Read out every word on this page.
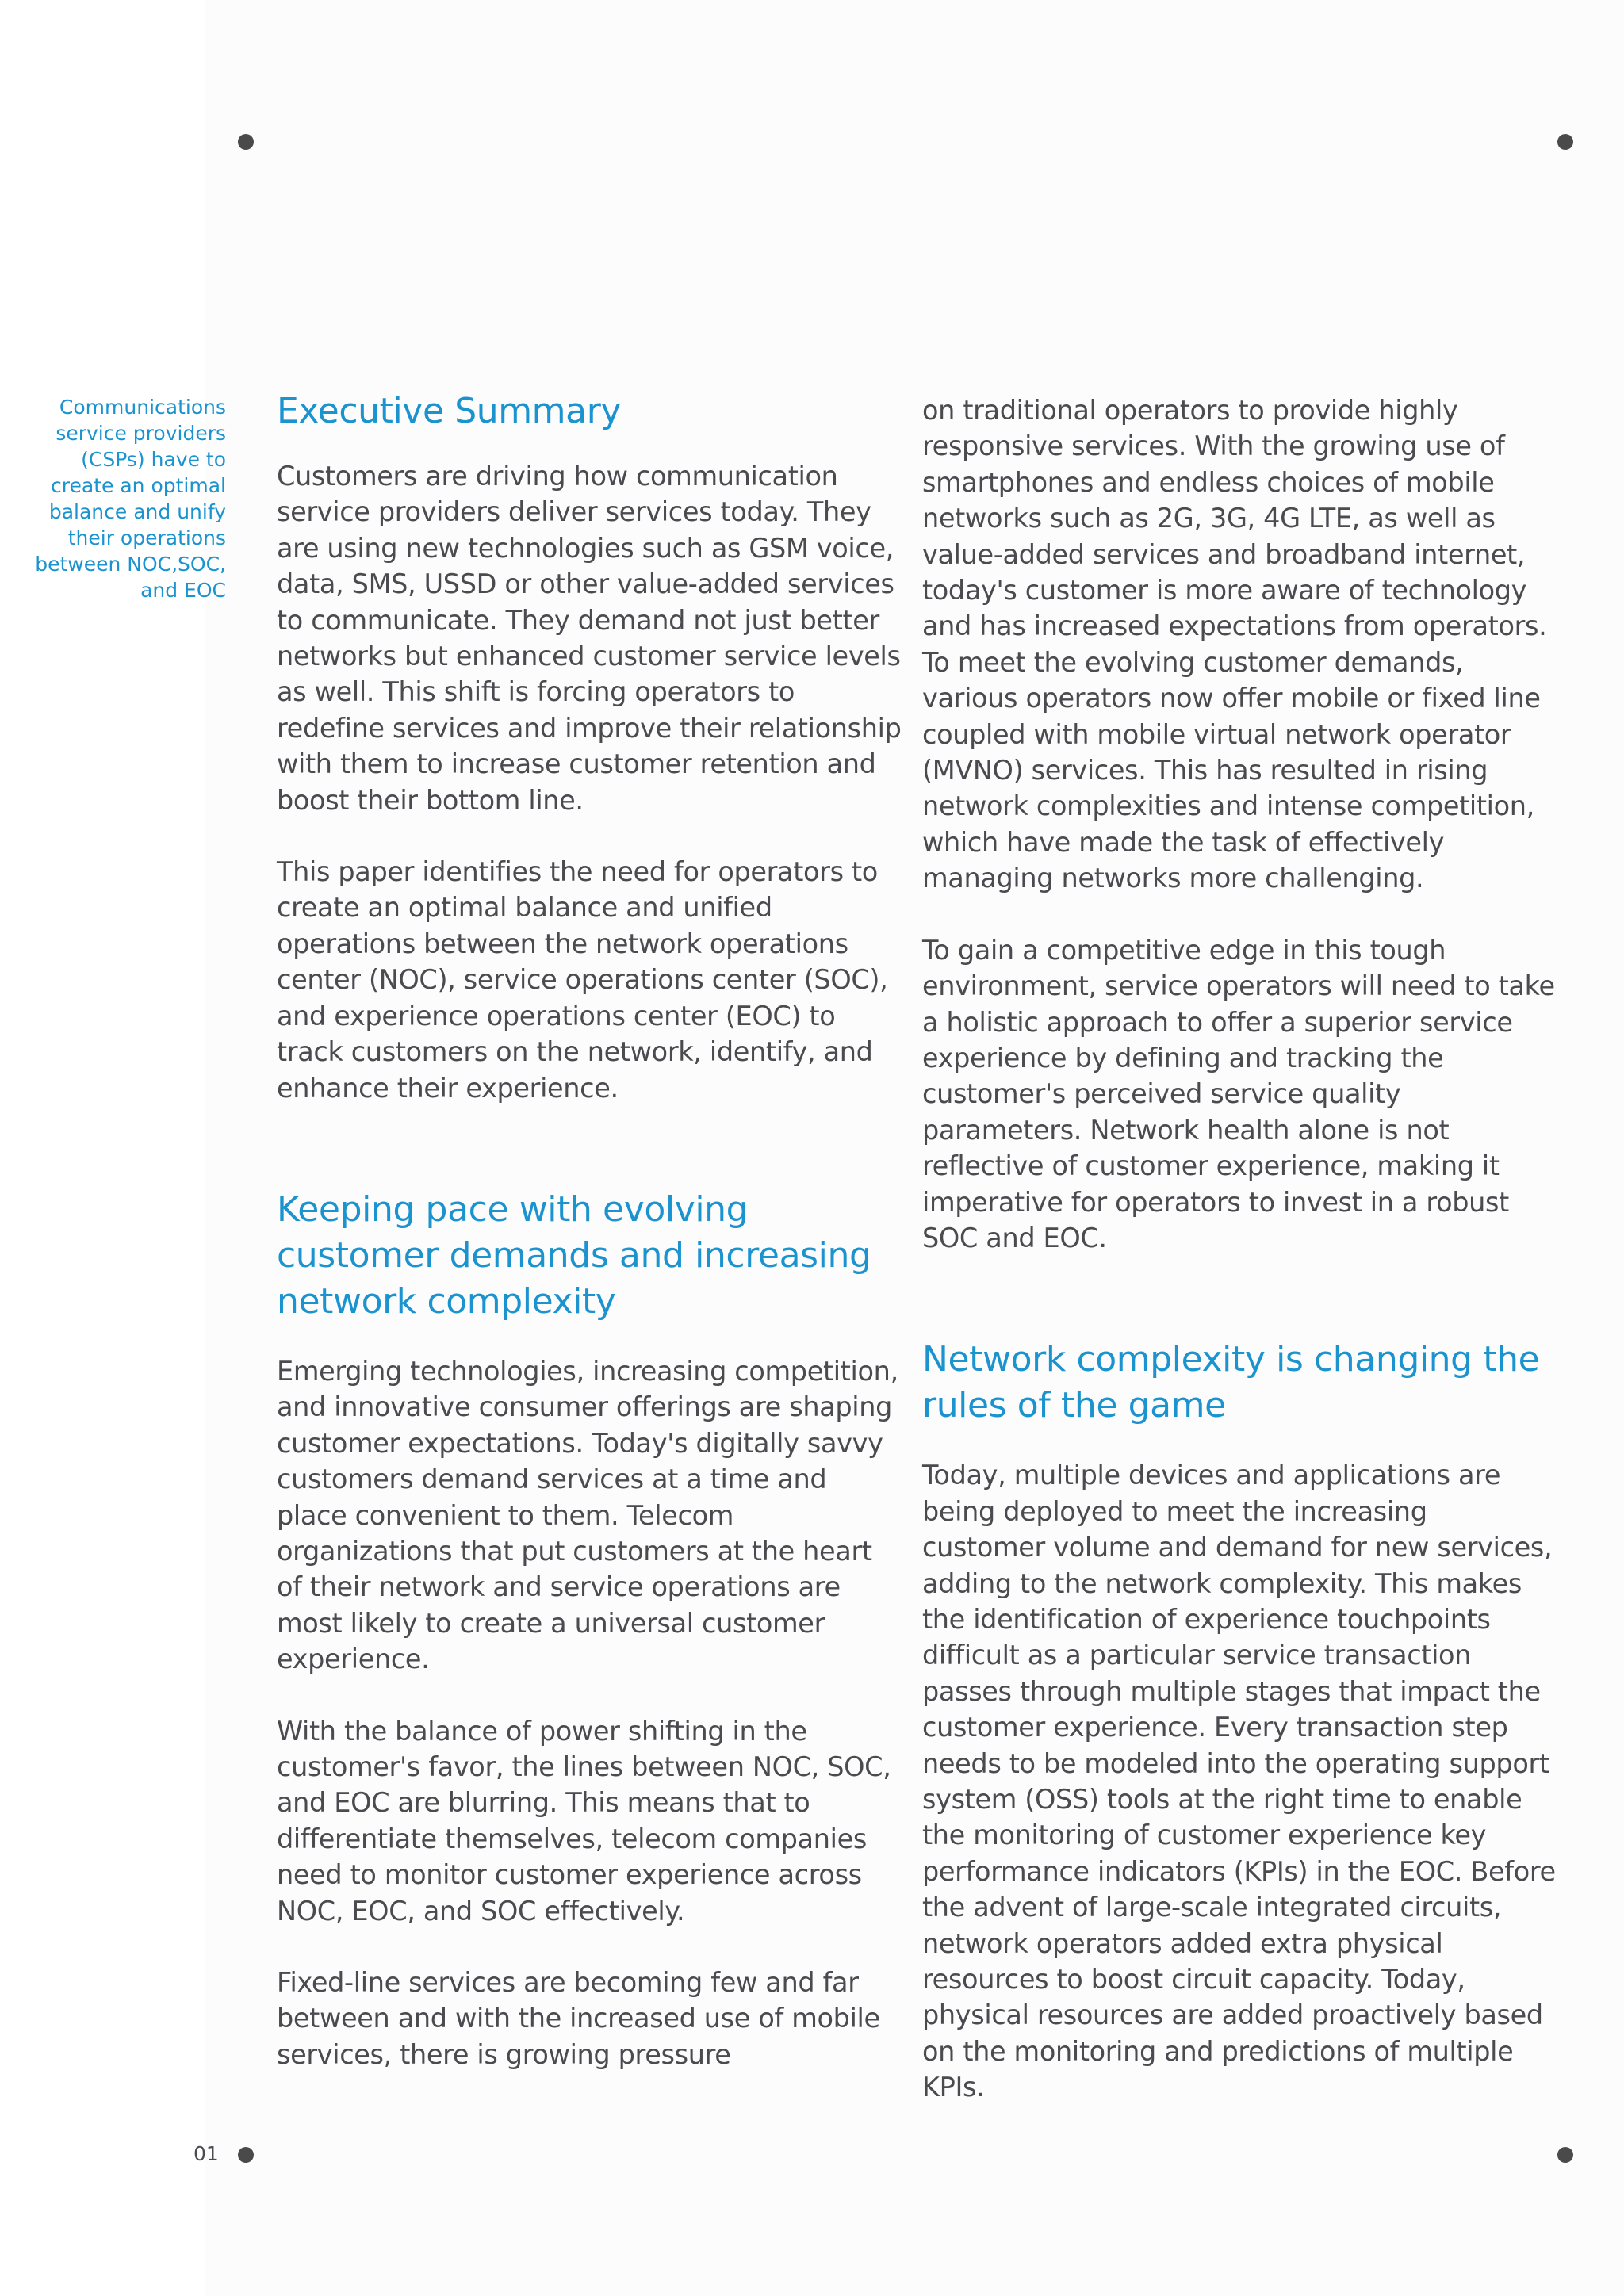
Communications service providers (CSPs) have to create an optimal balance and unify their operations between NOC,SOC, and EOC
Executive Summary

Customers are driving how communication service providers deliver services today. They are using new technologies such as GSM voice, data, SMS, USSD or other value-added services to communicate. They demand not just better networks but enhanced customer service levels as well. This shift is forcing operators to redefine services and improve their relationship with them to increase customer retention and boost their bottom line.

This paper identifies the need for operators to create an optimal balance and unified operations between the network operations center (NOC), service operations center (SOC), and experience operations center (EOC) to track customers on the network, identify, and enhance their experience.

Keeping pace with evolving customer demands and increasing network complexity

Emerging technologies, increasing competition, and innovative consumer offerings are shaping customer expectations. Today's digitally savvy customers demand services at a time and place convenient to them. Telecom organizations that put customers at the heart of their network and service operations are most likely to create a universal customer experience.

With the balance of power shifting in the customer's favor, the lines between NOC, SOC, and EOC are blurring. This means that to differentiate themselves, telecom companies need to monitor customer experience across NOC, EOC, and SOC effectively.

Fixed-line services are becoming few and far between and with the increased use of mobile services, there is growing pressure

on traditional operators to provide highly responsive services. With the growing use of smartphones and endless choices of mobile networks such as 2G, 3G, 4G LTE, as well as value-added services and broadband internet, today's customer is more aware of technology and has increased expectations from operators. To meet the evolving customer demands, various operators now offer mobile or fixed line coupled with mobile virtual network operator (MVNO) services. This has resulted in rising network complexities and intense competition, which have made the task of effectively managing networks more challenging.

To gain a competitive edge in this tough environment, service operators will need to take a holistic approach to offer a superior service experience by defining and tracking the customer's perceived service quality parameters. Network health alone is not reflective of customer experience, making it imperative for operators to invest in a robust SOC and EOC.

Network complexity is changing the rules of the game

Today, multiple devices and applications are being deployed to meet the increasing customer volume and demand for new services, adding to the network complexity. This makes the identification of experience touchpoints difficult as a particular service transaction passes through multiple stages that impact the customer experience. Every transaction step needs to be modeled into the operating support system (OSS) tools at the right time to enable the monitoring of customer experience key performance indicators (KPIs) in the EOC. Before the advent of large-scale integrated circuits, network operators added extra physical resources to boost circuit capacity. Today, physical resources are added proactively based on the monitoring and predictions of multiple KPIs.

01
